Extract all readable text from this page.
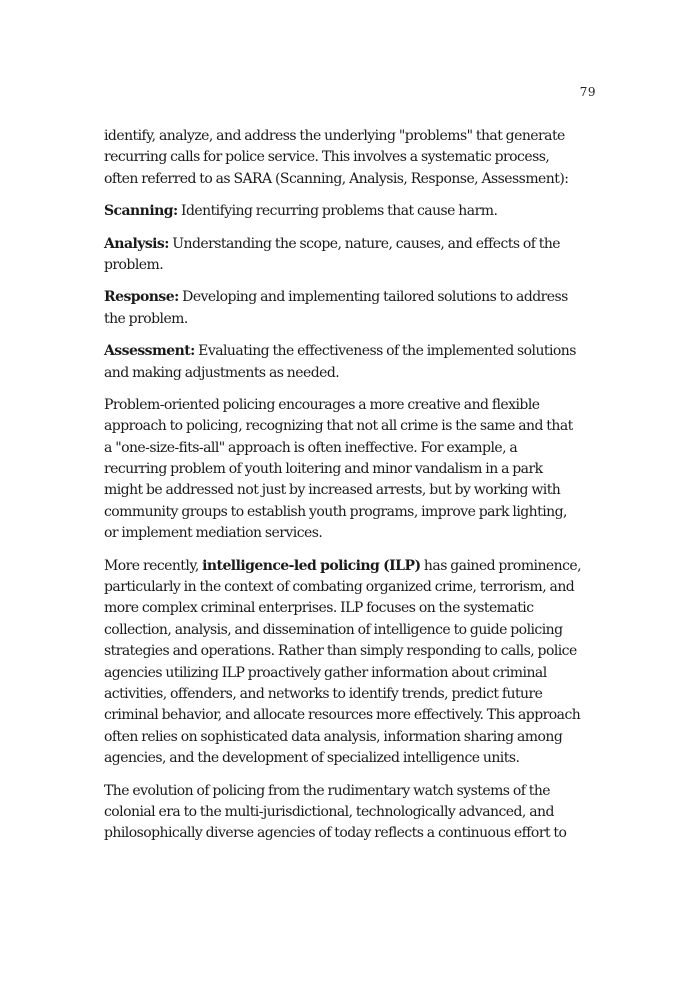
79

identify, analyze, and address the underlying "problems" that generate
recurring calls for police service. This involves a systematic process,
often referred to as SARA (Scanning, Analysis, Response, Assessment):

Scanning: Identifying recurring problems that cause harm.

Analysis: Understanding the scope, nature, causes, and effects of the
problem.

Response: Developing and implementing tailored solutions to address
the problem.

Assessment: Evaluating the effectiveness of the implemented solutions
and making adjustments as needed.

Problem-oriented policing encourages a more creative and flexible
approach to policing, recognizing that not all crime is the same and that
a "one-size-fits-all" approach is often ineffective. For example, a
recurring problem of youth loitering and minor vandalism in a park
might be addressed not just by increased arrests, but by working with
community groups to establish youth programs, improve park lighting,
or implement mediation services.

More recently, intelligence-led policing (ILP) has gained prominence,
particularly in the context of combating organized crime, terrorism, and
more complex criminal enterprises. ILP focuses on the systematic
collection, analysis, and dissemination of intelligence to guide policing
strategies and operations. Rather than simply responding to calls, police
agencies utilizing ILP proactively gather information about criminal
activities, offenders, and networks to identify trends, predict future
criminal behavior, and allocate resources more effectively. This approach
often relies on sophisticated data analysis, information sharing among
agencies, and the development of specialized intelligence units.

The evolution of policing from the rudimentary watch systems of the
colonial era to the multi-jurisdictional, technologically advanced, and
philosophically diverse agencies of today reflects a continuous effort to
